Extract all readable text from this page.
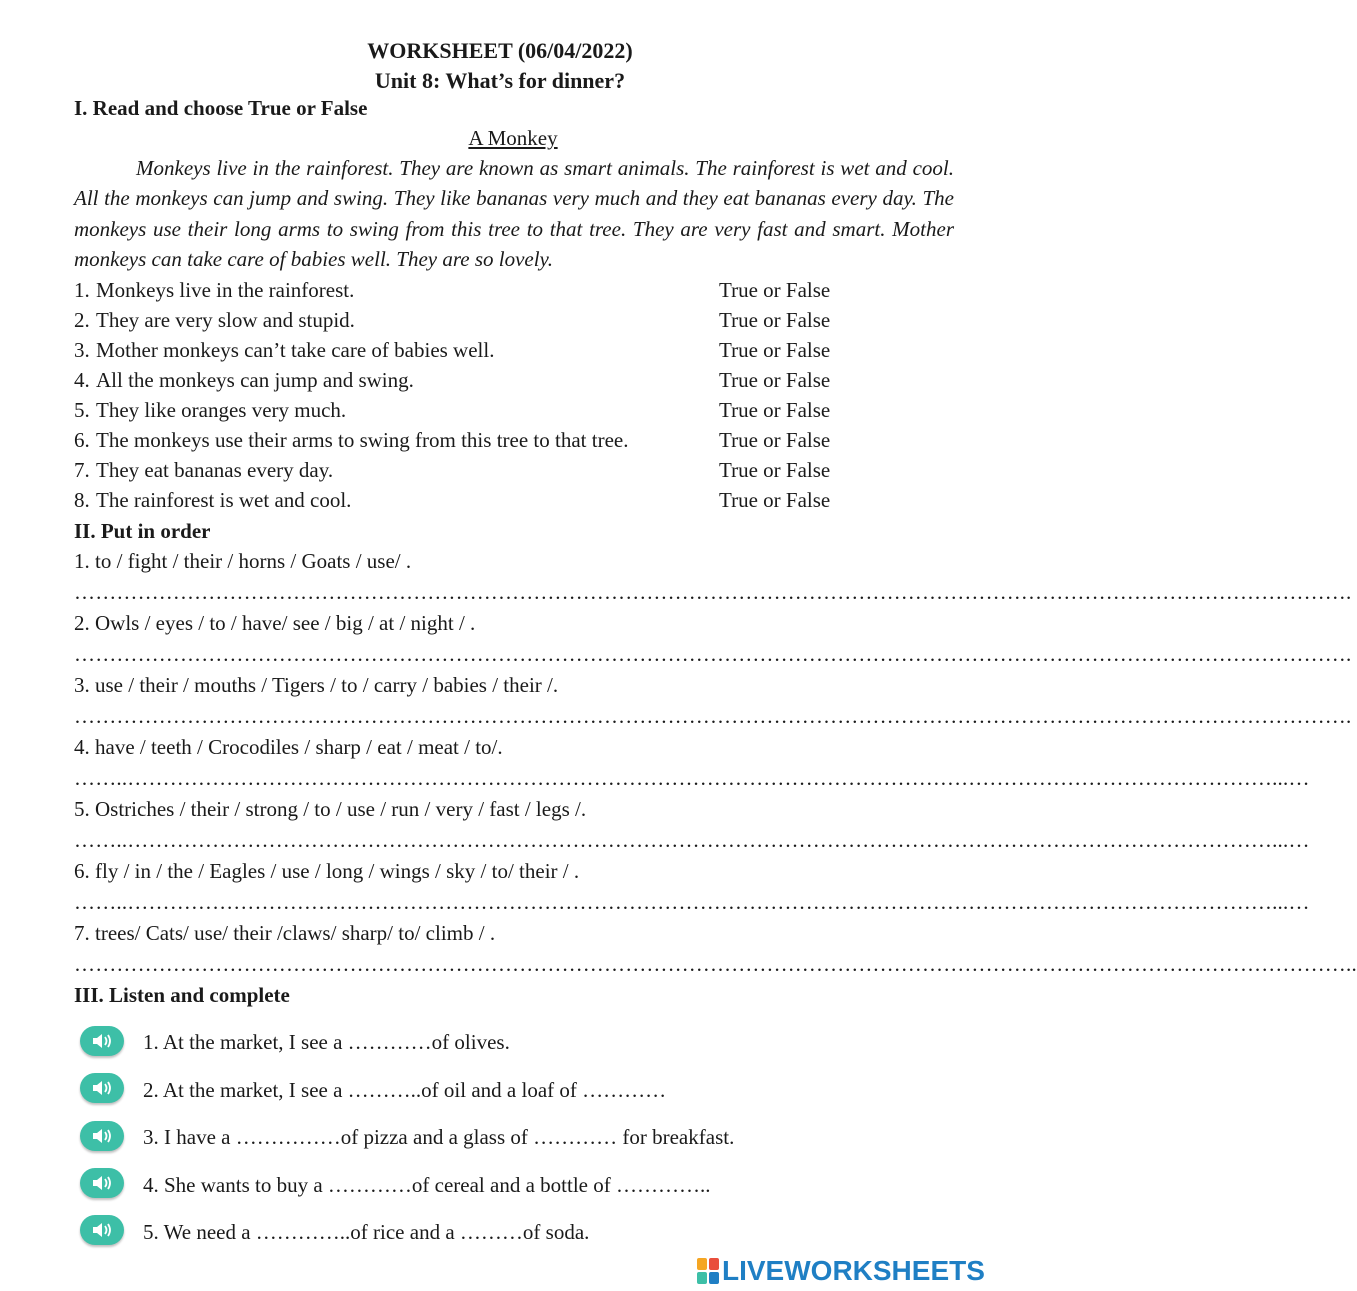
WORKSHEET (06/04/2022)
Unit 8: What’s for dinner?
I. Read and choose True or False
A Monkey
Monkeys live in the rainforest. They are known as smart animals. The rainforest is wet and cool. All the monkeys can jump and swing. They like bananas very much and they eat bananas every day. The monkeys use their long arms to swing from this tree to that tree. They are very fast and smart. Mother monkeys can take care of babies well. They are so lovely.
1. Monkeys live in the rainforest.	True or False
2. They are very slow and stupid.	True or False
3. Mother monkeys can’t take care of babies well.	True or False
4. All the monkeys can jump and swing.	True or False
5. They like oranges very much.	True or False
6. The monkeys use their arms to swing from this tree to that tree.	True or False
7. They eat bananas every day.	True or False
8. The rainforest is wet and cool.	True or False
II. Put in order
1. to / fight / their / horns / Goats / use/ .
……………………………………………………………………………………………………………………………………………………………….
2. Owls / eyes / to / have/ see / big / at / night / .
……………………………………………………………………………………………………………………………………………………………….
3. use / their / mouths / Tigers / to / carry / babies / their /.
……………………………………………………………………………………………………………………………………………………………….
4. have / teeth / Crocodiles / sharp / eat / meat / to/.
……..………………………………………………………………………………………………………………………………………………...…
5. Ostriches / their / strong / to / use / run / very / fast / legs /.
……..………………………………………………………………………………………………………………………………………………...…
6. fly / in / the / Eagles / use / long / wings / sky / to/ their / .
……..………………………………………………………………………………………………………………………………………………...…
7. trees/ Cats/ use/ their /claws/ sharp/ to/ climb / .
………………………………………………………………………………………………………………………………………………………………..
III. Listen and complete
1. At the market, I see a …………of olives.
2. At the market, I see a ………..of oil and a loaf of …………
3. I have a ……………of pizza and a glass of ………… for breakfast.
4. She wants to buy a …………of cereal and a bottle of …………..
5. We need a …………..of rice and a ………of soda.
LIVEWORKSHEETS
